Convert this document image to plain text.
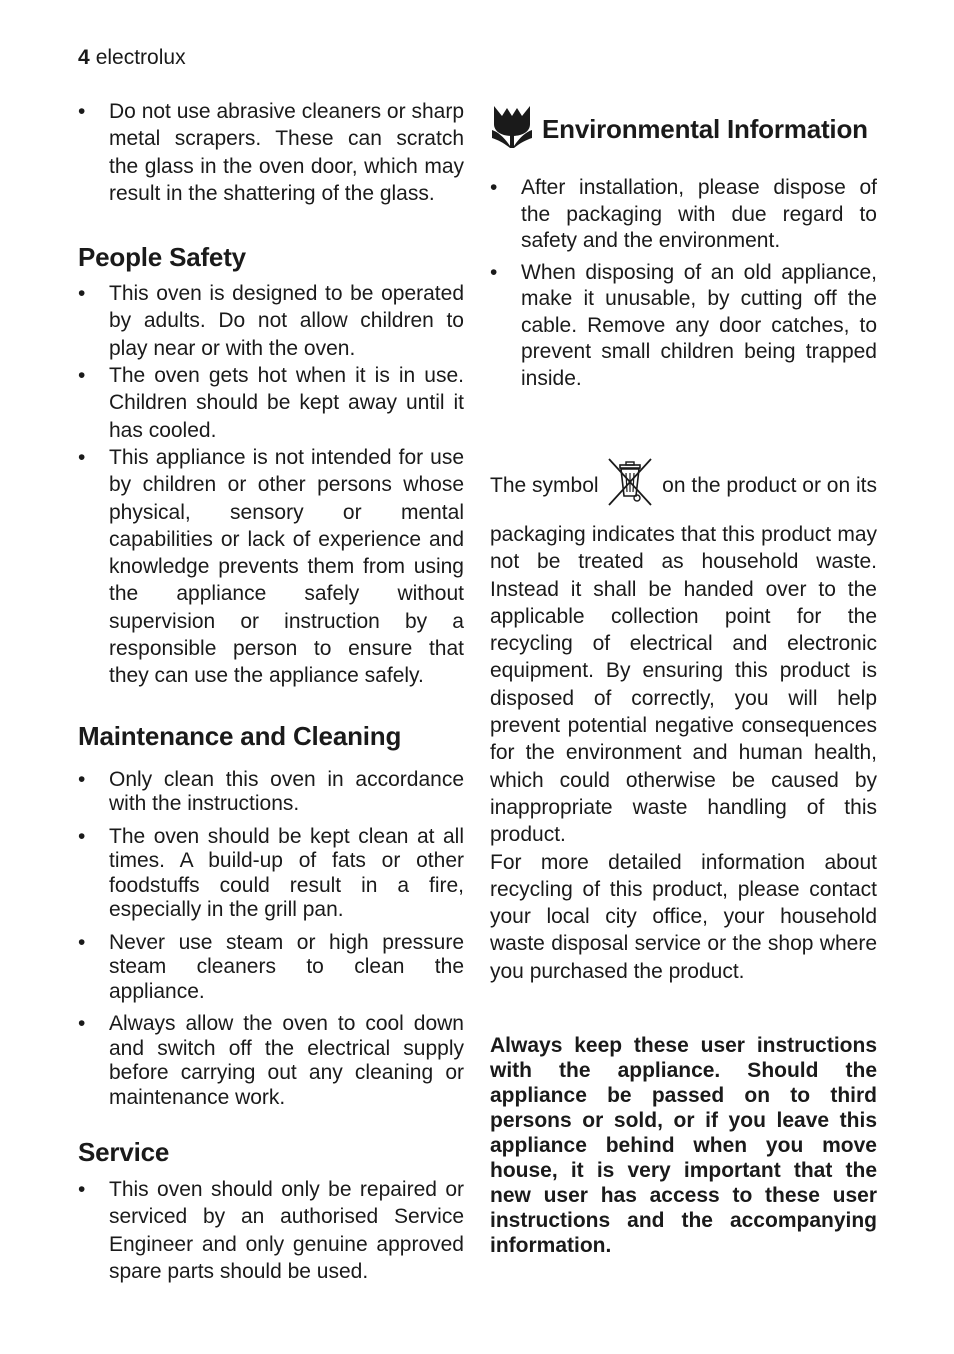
4 electrolux
• Do not use abrasive cleaners or sharp metal scrapers. These can scratch the glass in the oven door, which may result in the shattering of the glass.
People Safety
• This oven is designed to be operated by adults. Do not allow children to play near or with the oven.
• The oven gets hot when it is in use. Children should be kept away until it has cooled.
• This appliance is not intended for use by children or other persons whose physical, sensory or mental capabilities or lack of experience and knowledge prevents them from using the appliance safely without supervision or instruction by a responsible person to ensure that they can use the appliance safely.
Maintenance and Cleaning
• Only clean this oven in accordance with the instructions.
• The oven should be kept clean at all times. A build-up of fats or other foodstuffs could result in a fire, especially in the grill pan.
• Never use steam or high pressure steam cleaners to clean the appliance.
• Always allow the oven to cool down and switch off the electrical supply before carrying out any cleaning or maintenance work.
Service
• This oven should only be repaired or serviced by an authorised Service Engineer and only genuine approved spare parts should be used.
Environmental Information
• After installation, please dispose of the packaging with due regard to safety and the environment.
• When disposing of an old appliance, make it unusable, by cutting off the cable. Remove any door catches, to prevent small children being trapped inside.
The symbol	on the product or on its

packaging indicates that this product may not be treated as household waste. Instead it shall be handed over to the applicable collection point for the recycling of electrical and electronic equipment. By ensuring this product is disposed of correctly, you will help prevent potential negative consequences for the environment and human health, which could otherwise be caused by inappropriate waste handling of this product.

For more detailed information about recycling of this product, please contact your local city office, your household waste disposal service or the shop where you purchased the product.

Always keep these user instructions with the appliance. Should the appliance be passed on to third persons or sold, or if you leave this appliance behind when you move house, it is very important that the new user has access to these user instructions and the accompanying information.
